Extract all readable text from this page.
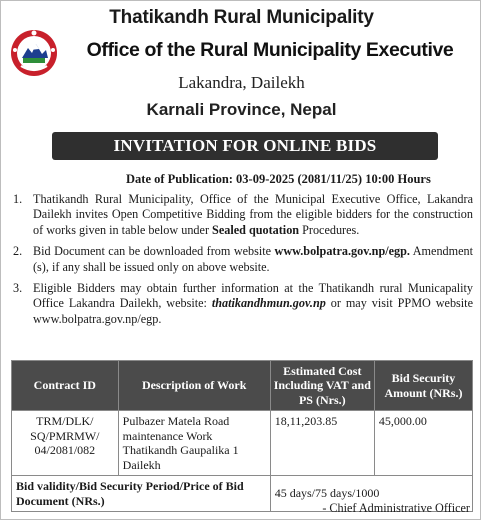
Thatikandh Rural Municipality
Office of the Rural Municipality Executive
Lakandra, Dailekh
Karnali Province, Nepal
INVITATION FOR ONLINE BIDS
Date of Publication: 03-09-2025 (2081/11/25) 10:00 Hours
1. Thatikandh Rural Municipality, Office of the Municipal Executive Office, Lakandra Dailekh invites Open Competitive Bidding from the eligible bidders for the construction of works given in table below under Sealed quotation Procedures.
2. Bid Document can be downloaded from website www.bolpatra.gov.np/egp. Amendment (s), if any shall be issued only on above website.
3. Eligible Bidders may obtain further information at the Thatikandh rural Municapality Office Lakandra Dailekh, website: thatikandhmun.gov.np or may visit PPMO website www.bolpatra.gov.np/egp.
Contract ID	Description of Work	Estimated Cost Including VAT and PS (Nrs.)	Bid Security Amount (NRs.)
TRM/DLK/ SQ/PMRMW/ 04/2081/082	Pulbazer Matela Road maintenance Work Thatikandh Gaupalika 1 Dailekh	18,11,203.85	45,000.00
Bid validity/Bid Security Period/Price of Bid Document (NRs.)		45 days/75 days/1000	
- Chief Administrative Officer
